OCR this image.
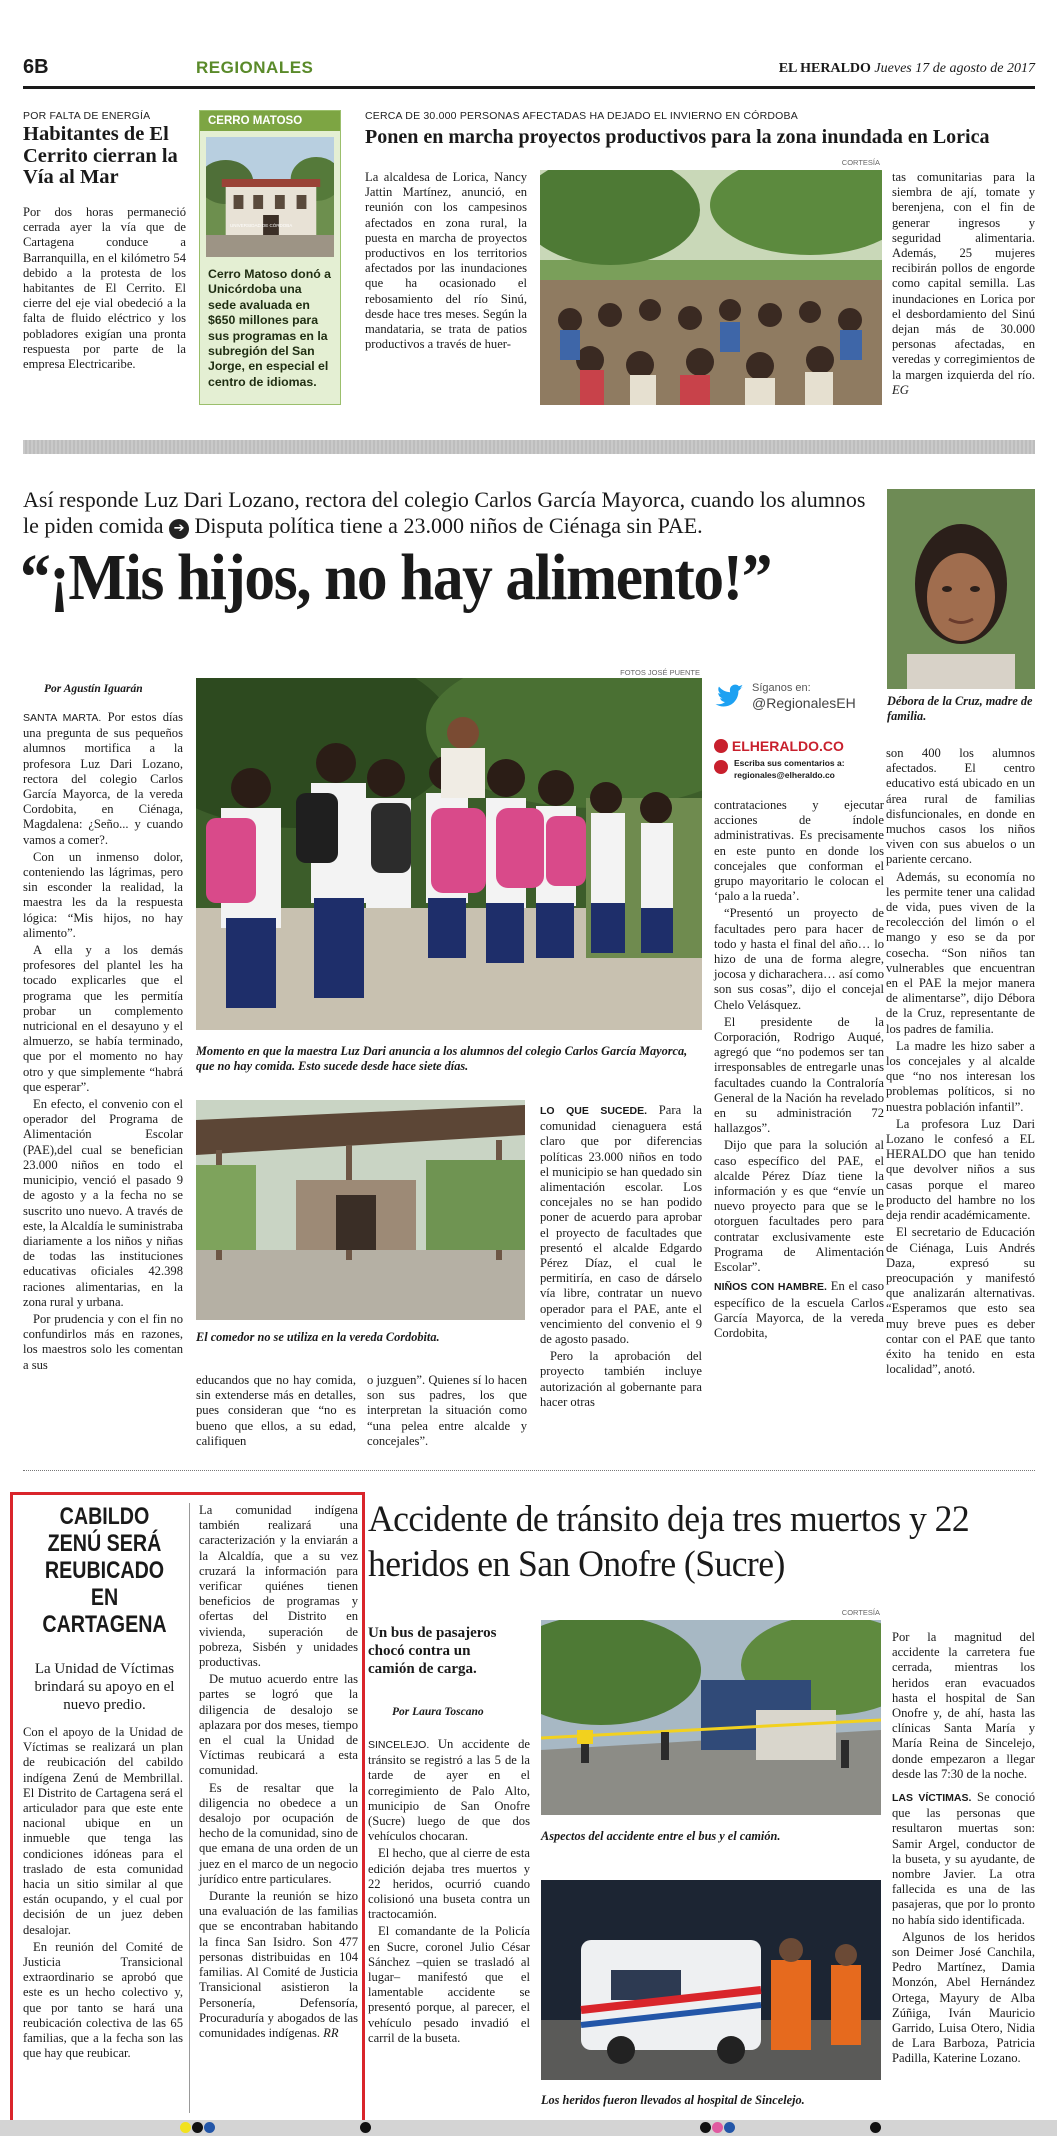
6B	REGIONALES	EL HERALDO Jueves 17 de agosto de 2017
POR FALTA DE ENERGÍA
Habitantes de El Cerrito cierran la Vía al Mar

Por dos horas permaneció cerrada ayer la vía que de Cartagena conduce a Barranquilla, en el kilómetro 54 debido a la protesta de los habitantes de El Cerrito. El cierre del eje vial obedeció a la falta de fluido eléctrico y los pobladores exigían una pronta respuesta por parte de la empresa Electricaribe.

CERRO MATOSO
UNIVERSIDAD DE CÓRDOBA
Cerro Matoso donó a Unicórdoba una sede avaluada en $650 millones para sus programas en la subregión del San Jorge, en especial el centro de idiomas.
CERCA DE 30.000 PERSONAS AFECTADAS HA DEJADO EL INVIERNO EN CÓRDOBA
Ponen en marcha proyectos productivos para la zona inundada en Lorica
CORTESÍA

La alcaldesa de Lorica, Nancy Jattin Martínez, anunció, en reunión con los campesinos afectados en zona rural, la puesta en marcha de proyectos productivos en los territorios afectados por las inundaciones que ha ocasionado el rebosamiento del río Sinú, desde hace tres meses. Según la mandataria, se trata de patios productivos a través de huer-

tas comunitarias para la siembra de ají, tomate y berenjena, con el fin de generar ingresos y seguridad alimentaria. Además, 25 mujeres recibirán pollos de engorde como capital semilla. Las inundaciones en Lorica por el desbordamiento del Sinú dejan más de 30.000 personas afectadas, en veredas y corregimientos de la margen izquierda del río. EG

Así responde Luz Dari Lozano, rectora del colegio Carlos García Mayorca, cuando los alumnos le piden comida ➔ Disputa política tiene a 23.000 niños de Ciénaga sin PAE.
“¡Mis hijos, no hay alimento!”
Débora de la Cruz, madre de familia.
Por Agustín Iguarán
FOTOS JOSÉ PUENTE

SANTA MARTA. Por estos días una pregunta de sus pequeños alumnos mortifica a la profesora Luz Dari Lozano, rectora del colegio Carlos García Mayorca, de la vereda Cordobita, en Ciénaga, Magdalena: ¿Seño... y cuando vamos a comer?.

Con un inmenso dolor, conteniendo las lágrimas, pero sin esconder la realidad, la maestra les da la respuesta lógica: “Mis hijos, no hay alimento”.

A ella y a los demás profesores del plantel les ha tocado explicarles que el programa que les permitía probar un complemento nutricional en el desayuno y el almuerzo, se había terminado, que por el momento no hay otro y que simplemente “habrá que esperar”.

En efecto, el convenio con el operador del Programa de Alimentación Escolar (PAE),del cual se benefician 23.000 niños en todo el municipio, venció el pasado 9 de agosto y a la fecha no se suscrito uno nuevo. A través de este, la Alcaldía le suministraba diariamente a los niños y niñas de todas las instituciones educativas oficiales 42.398 raciones alimentarias, en la zona rural y urbana.

Por prudencia y con el fin no confundirlos más en razones, los maestros solo les comentan a sus

Momento en que la maestra Luz Dari anuncia a los alumnos del colegio Carlos García Mayorca, que no hay comida. Esto sucede desde hace siete días.
El comedor no se utiliza en la vereda Cordobita.

educandos que no hay comida, sin extenderse más en detalles, pues consideran que “no es bueno que ellos, a su edad, califiquen

o juzguen”. Quienes sí lo hacen son sus padres, los que interpretan la situación como “una pelea entre alcalde y concejales”.

LO QUE SUCEDE. Para la comunidad cienaguera está claro que por diferencias políticas 23.000 niños en todo el municipio se han quedado sin alimentación escolar. Los concejales no se han podido poner de acuerdo para aprobar el proyecto de facultades que presentó el alcalde Edgardo Pérez Díaz, el cual le permitiría, en caso de dárselo vía libre, contratar un nuevo operador para el PAE, ante el vencimiento del convenio el 9 de agosto pasado.

Pero la aprobación del proyecto también incluye autorización al gobernante para hacer otras

Síganos en:
@RegionalesEH
ELHERALDO.CO
Escriba sus comentarios a:
regionales@elheraldo.co

contrataciones y ejecutar acciones de índole administrativas. Es precisamente en este punto en donde los concejales que conforman el grupo mayoritario le colocan el ‘palo a la rueda’.

“Presentó un proyecto de facultades pero para hacer de todo y hasta el final del año… lo hizo de una de forma alegre, jocosa y dicharachera… así como son sus cosas”, dijo el concejal Chelo Velásquez.

El presidente de la Corporación, Rodrigo Auqué, agregó que “no podemos ser tan irresponsables de entregarle unas facultades cuando la Contraloría General de la Nación ha revelado en su administración 72 hallazgos”.

Dijo que para la solución al caso específico del PAE, el alcalde Pérez Díaz tiene la información y es que “envíe un nuevo proyecto para que se le otorguen facultades pero para contratar exclusivamente este Programa de Alimentación Escolar”.

NIÑOS CON HAMBRE. En el caso específico de la escuela Carlos García Mayorca, de la vereda Cordobita,

son 400 los alumnos afectados. El centro educativo está ubicado en un área rural de familias disfuncionales, en donde en muchos casos los niños viven con sus abuelos o un pariente cercano.

Además, su economía no les permite tener una calidad de vida, pues viven de la recolección del limón o el mango y eso se da por cosecha. “Son niños tan vulnerables que encuentran en el PAE la mejor manera de alimentarse”, dijo Débora de la Cruz, representante de los padres de familia.

La madre les hizo saber a los concejales y al alcalde que “no nos interesan los problemas políticos, si no nuestra población infantil”.

La profesora Luz Dari Lozano le confesó a EL HERALDO que han tenido que devolver niños a sus casas porque el mareo producto del hambre no los deja rendir académicamente.

El secretario de Educación de Ciénaga, Luis Andrés Daza, expresó su preocupación y manifestó que analizarán alternativas. “Esperamos que esto sea muy breve pues es deber contar con el PAE que tanto éxito ha tenido en esta localidad”, anotó.

CABILDO ZENÚ SERÁ REUBICADO EN CARTAGENA
La Unidad de Víctimas brindará su apoyo en el nuevo predio.

Con el apoyo de la Unidad de Víctimas se realizará un plan de reubicación del cabildo indígena Zenú de Membrillal. El Distrito de Cartagena será el articulador para que este ente nacional ubique en un inmueble que tenga las condiciones idóneas para el traslado de esta comunidad hacia un sitio similar al que están ocupando, y el cual por decisión de un juez deben desalojar.

En reunión del Comité de Justicia Transicional extraordinario se aprobó que este es un hecho colectivo y, que por tanto se hará una reubicación colectiva de las 65 familias, que a la fecha son las que hay que reubicar.

La comunidad indígena también realizará una caracterización y la enviarán a la Alcaldía, que a su vez cruzará la información para verificar quiénes tienen beneficios de programas y ofertas del Distrito en vivienda, superación de pobreza, Sisbén y unidades productivas.

De mutuo acuerdo entre las partes se logró que la diligencia de desalojo se aplazara por dos meses, tiempo en el cual la Unidad de Víctimas reubicará a esta comunidad.

Es de resaltar que la diligencia no obedece a un desalojo por ocupación de hecho de la comunidad, sino de que emana de una orden de un juez en el marco de un negocio jurídico entre particulares.

Durante la reunión se hizo una evaluación de las familias que se encontraban habitando la finca San Isidro. Son 477 personas distribuidas en 104 familias. Al Comité de Justicia Transicional asistieron la Personería, Defensoría, Procuraduría y abogados de las comunidades indígenas. RR

Accidente de tránsito deja tres muertos y 22 heridos en San Onofre (Sucre)
Un bus de pasajeros chocó contra un camión de carga.
Por Laura Toscano
CORTESÍA

SINCELEJO. Un accidente de tránsito se registró a las 5 de la tarde de ayer en el corregimiento de Palo Alto, municipio de San Onofre (Sucre) luego de que dos vehículos chocaran.

El hecho, que al cierre de esta edición dejaba tres muertos y 22 heridos, ocurrió cuando colisionó una buseta contra un tractocamión.

El comandante de la Policía en Sucre, coronel Julio César Sánchez –quien se trasladó al lugar– manifestó que el lamentable accidente se presentó porque, al parecer, el vehículo pesado invadió el carril de la buseta.

Aspectos del accidente entre el bus y el camión.
Los heridos fueron llevados al hospital de Sincelejo.

Por la magnitud del accidente la carretera fue cerrada, mientras los heridos eran evacuados hasta el hospital de San Onofre y, de ahí, hasta las clínicas Santa María y María Reina de Sincelejo, donde empezaron a llegar desde las 7:30 de la noche.

LAS VÍCTIMAS. Se conoció que las personas que resultaron muertas son: Samir Argel, conductor de la buseta, y su ayudante, de nombre Javier. La otra fallecida es una de las pasajeras, que por lo pronto no había sido identificada.

Algunos de los heridos son Deimer José Canchila, Pedro Martínez, Damia Monzón, Abel Hernández Ortega, Mayury de Alba Zúñiga, Iván Mauricio Garrido, Luisa Otero, Nidia de Lara Barboza, Patricia Padilla, Katerine Lozano.
